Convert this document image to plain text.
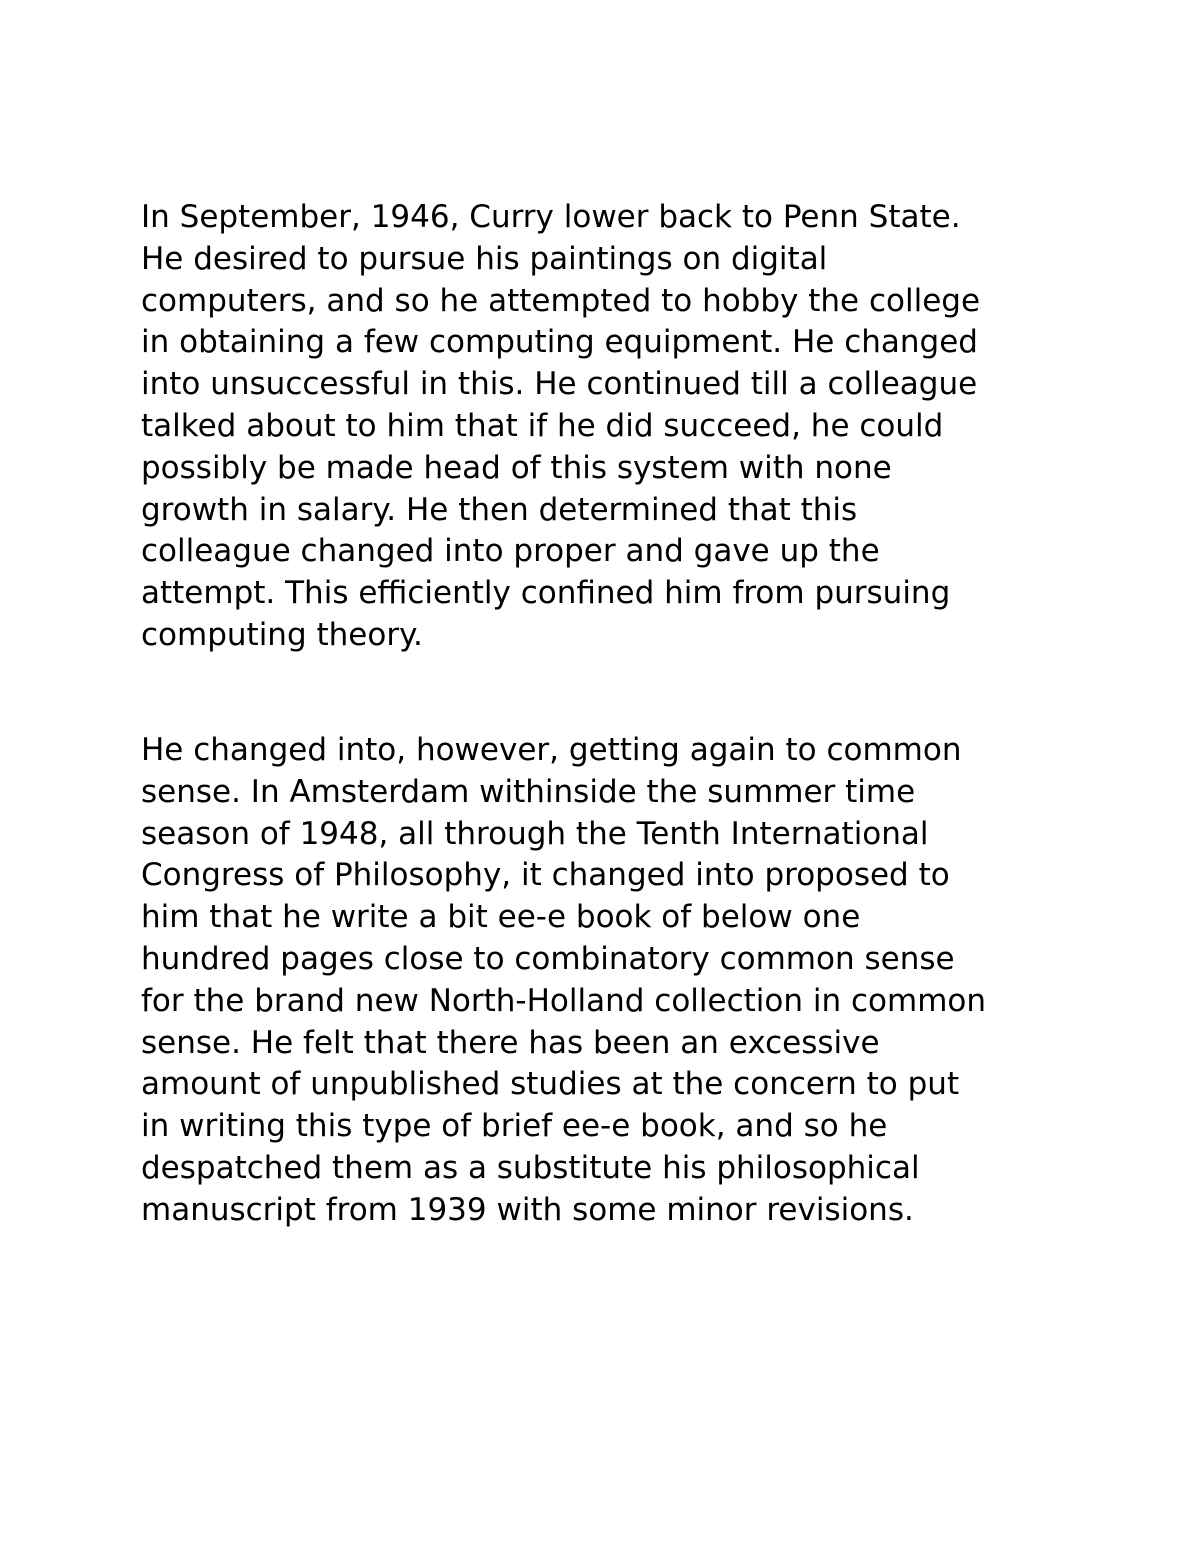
In September, 1946, Curry lower back to Penn State.
He desired to pursue his paintings on digital
computers, and so he attempted to hobby the college
in obtaining a few computing equipment. He changed
into unsuccessful in this. He continued till a colleague
talked about to him that if he did succeed, he could
possibly be made head of this system with none
growth in salary. He then determined that this
colleague changed into proper and gave up the
attempt. This efficiently confined him from pursuing
computing theory.

He changed into, however, getting again to common
sense. In Amsterdam withinside the summer time
season of 1948, all through the Tenth International
Congress of Philosophy, it changed into proposed to
him that he write a bit ee-e book of below one
hundred pages close to combinatory common sense
for the brand new North-Holland collection in common
sense. He felt that there has been an excessive
amount of unpublished studies at the concern to put
in writing this type of brief ee-e book, and so he
despatched them as a substitute his philosophical
manuscript from 1939 with some minor revisions.
